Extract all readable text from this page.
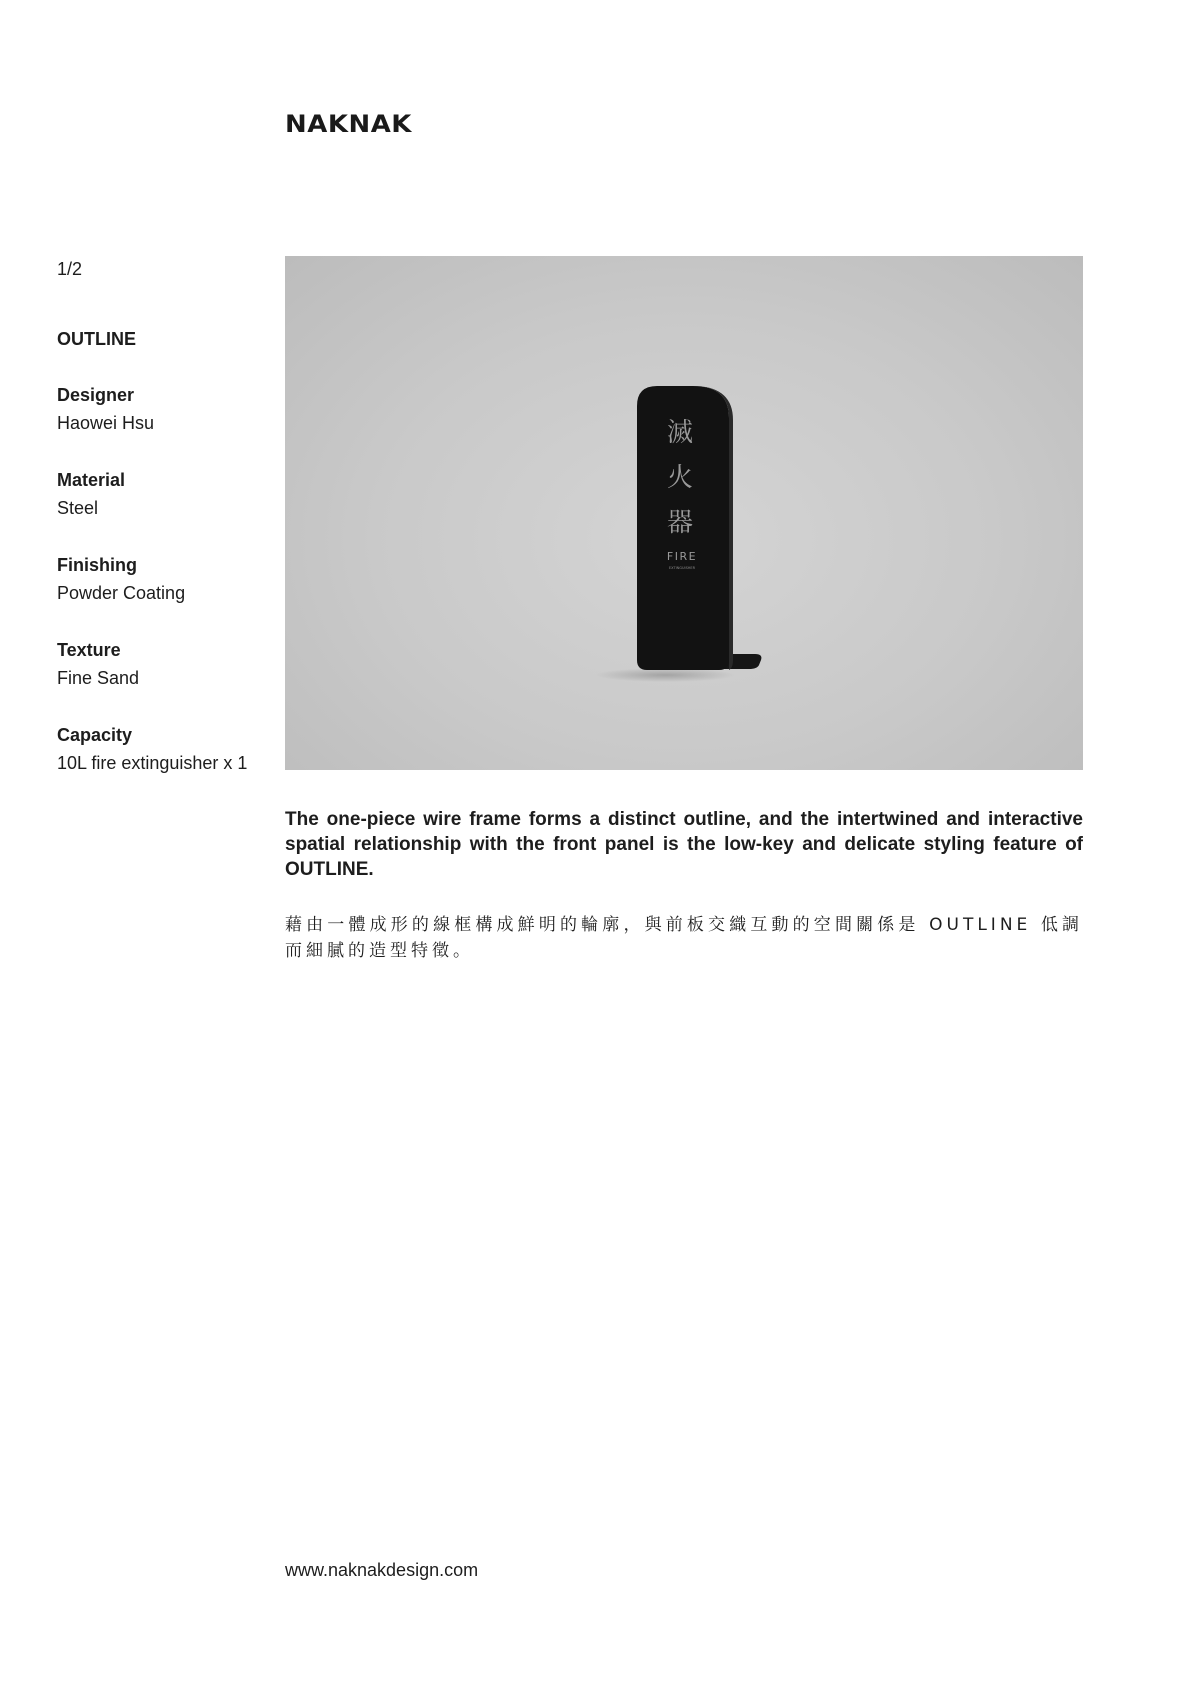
NAKNAK
1/2
OUTLINE
Designer
Haowei Hsu
Material
Steel
Finishing
Powder Coating
Texture
Fine Sand
Capacity
10L fire extinguisher x 1
滅
火
器
FIRE
EXTINGUISHER
The one-piece wire frame forms a distinct outline, and the intertwined and interactive spatial relationship with the front panel is the low-key and delicate styling feature of OUTLINE.
藉由一體成形的線框構成鮮明的輪廓，與前板交織互動的空間關係是 OUTLINE 低調而細膩的造型特徵。
www.naknakdesign.com
